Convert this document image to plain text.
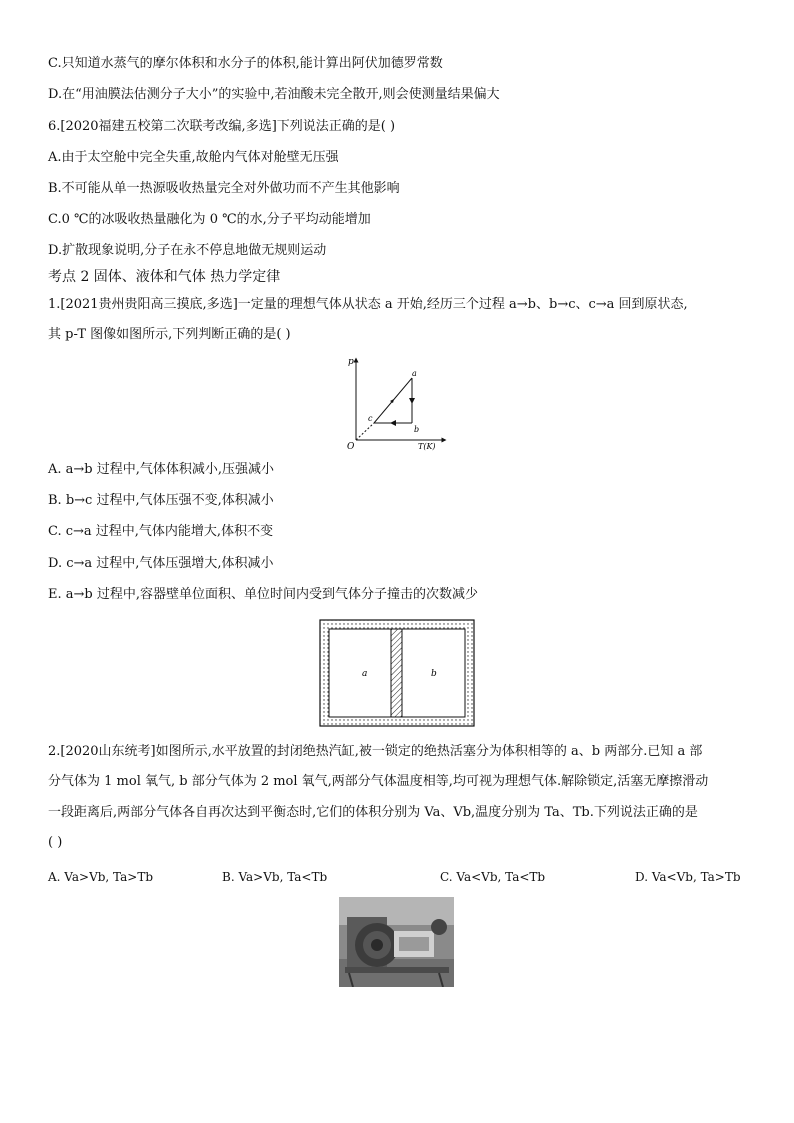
C.只知道水蒸气的摩尔体积和水分子的体积,能计算出阿伏加德罗常数
D.在“用油膜法估测分子大小”的实验中,若油酸未完全散开,则会使测量结果偏大
6.[2020福建五校第二次联考改编,多选]下列说法正确的是( )
A.由于太空舱中完全失重,故舱内气体对舱壁无压强
B.不可能从单一热源吸收热量完全对外做功而不产生其他影响
C.0 ℃的冰吸收热量融化为 0 ℃的水,分子平均动能增加
D.扩散现象说明,分子在永不停息地做无规则运动
考点 2 固体、液体和气体 热力学定律
1.[2021贵州贵阳高三摸底,多选]一定量的理想气体从状态 a 开始,经历三个过程 a→b、b→c、c→a 回到原状态,
其 p-T 图像如图所示,下列判断正确的是( )
p
T(K)
O
a
b
c
A. a→b 过程中,气体体积减小,压强减小
B. b→c 过程中,气体压强不变,体积减小
C. c→a 过程中,气体内能增大,体积不变
D. c→a 过程中,气体压强增大,体积减小
E. a→b 过程中,容器壁单位面积、单位时间内受到气体分子撞击的次数减少
a	b
2.[2020山东统考]如图所示,水平放置的封闭绝热汽缸,被一锁定的绝热活塞分为体积相等的 a、b 两部分.已知 a 部
分气体为 1 mol 氧气, b 部分气体为 2 mol 氧气,两部分气体温度相等,均可视为理想气体.解除锁定,活塞无摩擦滑动
一段距离后,两部分气体各自再次达到平衡态时,它们的体积分别为 Va、Vb,温度分别为 Ta、Tb.下列说法正确的是
( )
A. Va>Vb, Ta>Tb	B. Va>Vb, Ta<Tb	C. Va<Vb, Ta<Tb	D. Va<Vb, Ta>Tb
